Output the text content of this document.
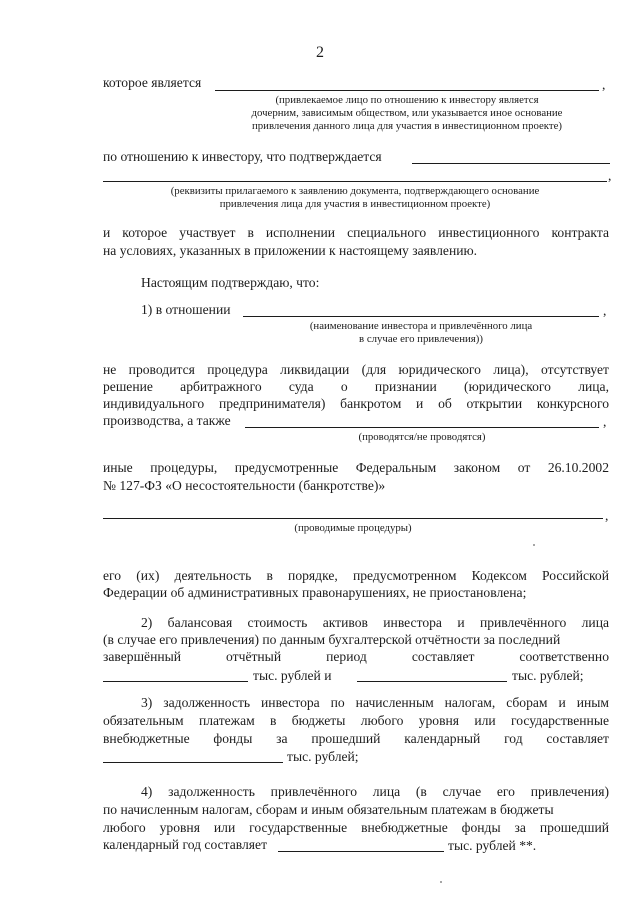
2
которое является	,
(привлекаемое лицо по отношению к инвестору является
дочерним, зависимым обществом, или указывается иное основание
привлечения данного лица для участия в инвестиционном проекте)
по отношению к инвестору, что подтверждается
,
(реквизиты прилагаемого к заявлению документа, подтверждающего основание
привлечения лица для участия в инвестиционном проекте)
и которое участвует в исполнении специального инвестиционного контракта
на условиях, указанных в приложении к настоящему заявлению.
Настоящим подтверждаю, что:
1) в отношении	,
(наименование инвестора и привлечённого лица
в случае его привлечения))
не проводится процедура ликвидации (для юридического лица), отсутствует
решение арбитражного суда о признании (юридического лица,
индивидуального предпринимателя) банкротом и об открытии конкурсного
производства, а также	,
(проводятся/не проводятся)
иные процедуры, предусмотренные Федеральным законом от 26.10.2002
№ 127-ФЗ «О несостоятельности (банкротстве)»
,
(проводимые процедуры)
его (их) деятельность в порядке, предусмотренном Кодексом Российской
Федерации об административных правонарушениях, не приостановлена;
2) балансовая стоимость активов инвестора и привлечённого лица
(в случае его привлечения) по данным бухгалтерской отчётности за последний
завершённый отчётный период составляет соответственно
тыс. рублей и	тыс. рублей;
3) задолженность инвестора по начисленным налогам, сборам и иным
обязательным платежам в бюджеты любого уровня или государственные
внебюджетные фонды за прошедший календарный год составляет
тыс. рублей;
4) задолженность привлечённого лица (в случае его привлечения)
по начисленным налогам, сборам и иным обязательным платежам в бюджеты
любого уровня или государственные внебюджетные фонды за прошедший
календарный год составляет	тыс. рублей **.
